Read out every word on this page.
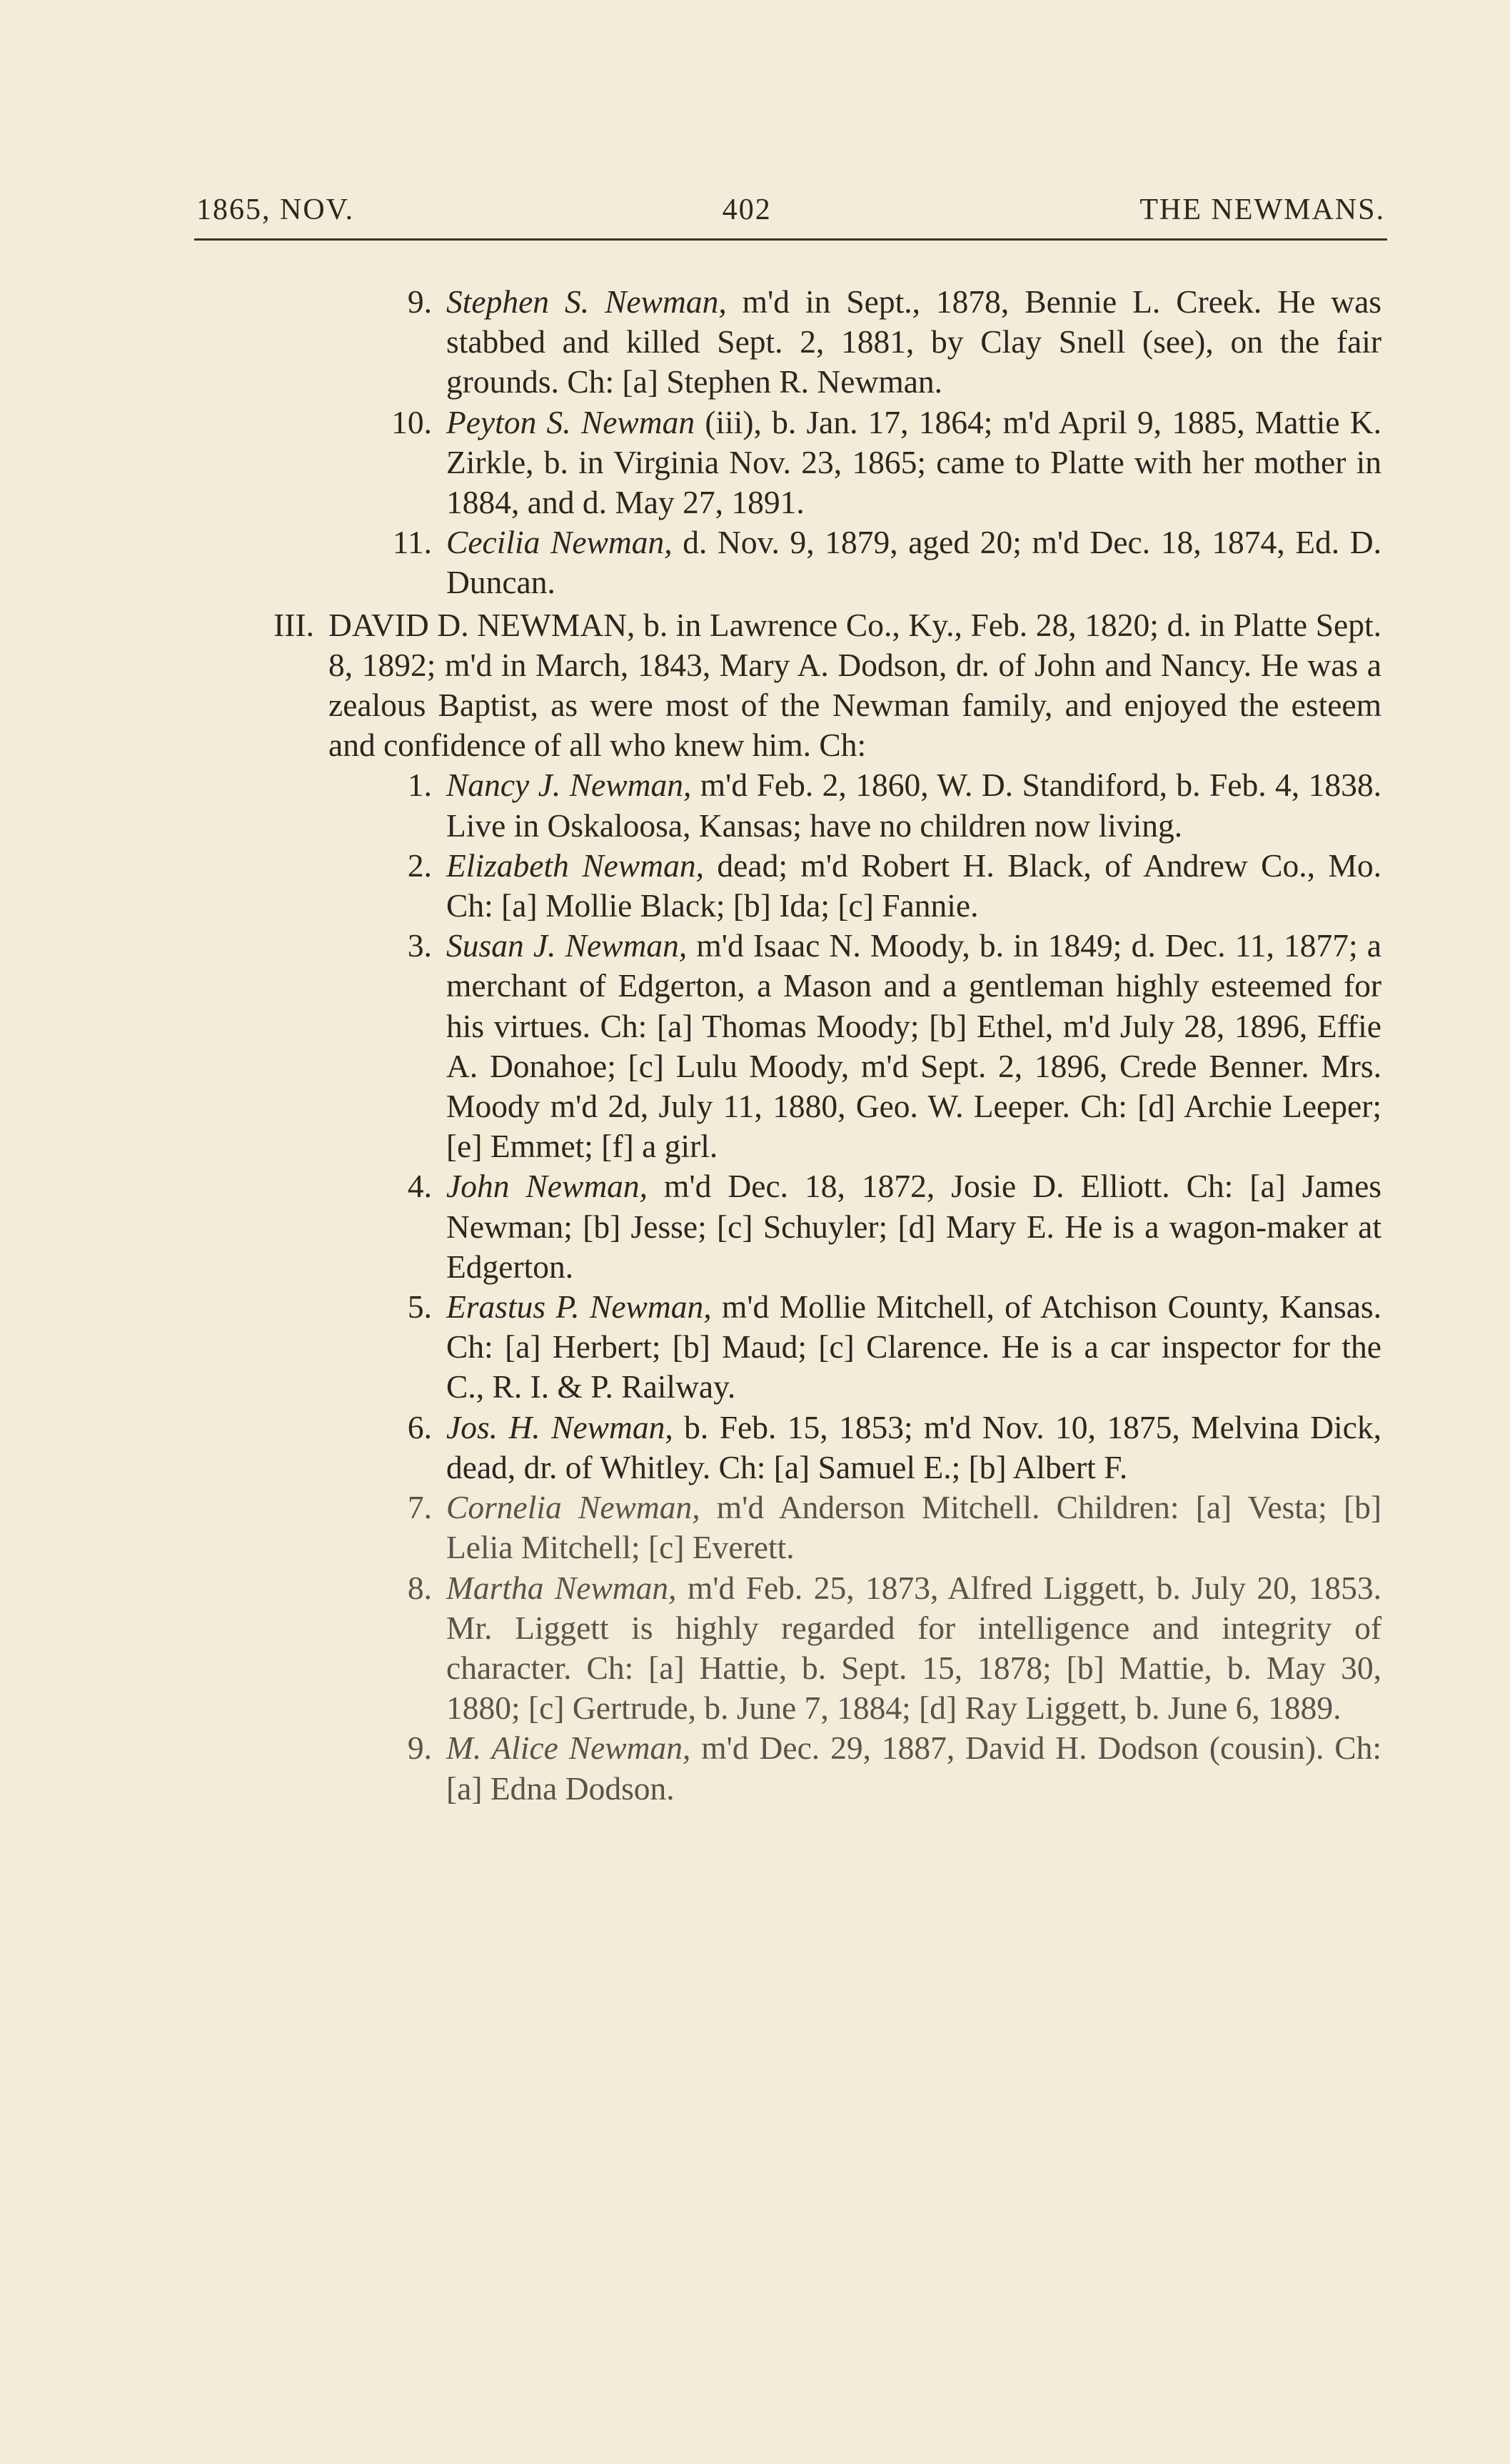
1865, NOV.	402	THE NEWMANS.
9. Stephen S. Newman, m'd in Sept., 1878, Bennie L. Creek. He was stabbed and killed Sept. 2, 1881, by Clay Snell (see), on the fair grounds. Ch: [a] Stephen R. Newman.
10. Peyton S. Newman (iii), b. Jan. 17, 1864; m'd April 9, 1885, Mattie K. Zirkle, b. in Virginia Nov. 23, 1865; came to Platte with her mother in 1884, and d. May 27, 1891.
11. Cecilia Newman, d. Nov. 9, 1879, aged 20; m'd Dec. 18, 1874, Ed. D. Duncan.
III. DAVID D. NEWMAN, b. in Lawrence Co., Ky., Feb. 28, 1820; d. in Platte Sept. 8, 1892; m'd in March, 1843, Mary A. Dodson, dr. of John and Nancy. He was a zealous Baptist, as were most of the Newman family, and enjoyed the esteem and confidence of all who knew him. Ch:
1. Nancy J. Newman, m'd Feb. 2, 1860, W. D. Standiford, b. Feb. 4, 1838. Live in Oskaloosa, Kansas; have no children now living.
2. Elizabeth Newman, dead; m'd Robert H. Black, of Andrew Co., Mo. Ch: [a] Mollie Black; [b] Ida; [c] Fannie.
3. Susan J. Newman, m'd Isaac N. Moody, b. in 1849; d. Dec. 11, 1877; a merchant of Edgerton, a Mason and a gentleman highly esteemed for his virtues. Ch: [a] Thomas Moody; [b] Ethel, m'd July 28, 1896, Effie A. Donahoe; [c] Lulu Moody, m'd Sept. 2, 1896, Crede Benner. Mrs. Moody m'd 2d, July 11, 1880, Geo. W. Leeper. Ch: [d] Archie Leeper; [e] Emmet; [f] a girl.
4. John Newman, m'd Dec. 18, 1872, Josie D. Elliott. Ch: [a] James Newman; [b] Jesse; [c] Schuyler; [d] Mary E. He is a wagon-maker at Edgerton.
5. Erastus P. Newman, m'd Mollie Mitchell, of Atchison County, Kansas. Ch: [a] Herbert; [b] Maud; [c] Clarence. He is a car inspector for the C., R. I. & P. Railway.
6. Jos. H. Newman, b. Feb. 15, 1853; m'd Nov. 10, 1875, Melvina Dick, dead, dr. of Whitley. Ch: [a] Samuel E.; [b] Albert F.
7. Cornelia Newman, m'd Anderson Mitchell. Children: [a] Vesta; [b] Lelia Mitchell; [c] Everett.
8. Martha Newman, m'd Feb. 25, 1873, Alfred Liggett, b. July 20, 1853. Mr. Liggett is highly regarded for intelligence and integrity of character. Ch: [a] Hattie, b. Sept. 15, 1878; [b] Mattie, b. May 30, 1880; [c] Gertrude, b. June 7, 1884; [d] Ray Liggett, b. June 6, 1889.
9. M. Alice Newman, m'd Dec. 29, 1887, David H. Dodson (cousin). Ch: [a] Edna Dodson.
